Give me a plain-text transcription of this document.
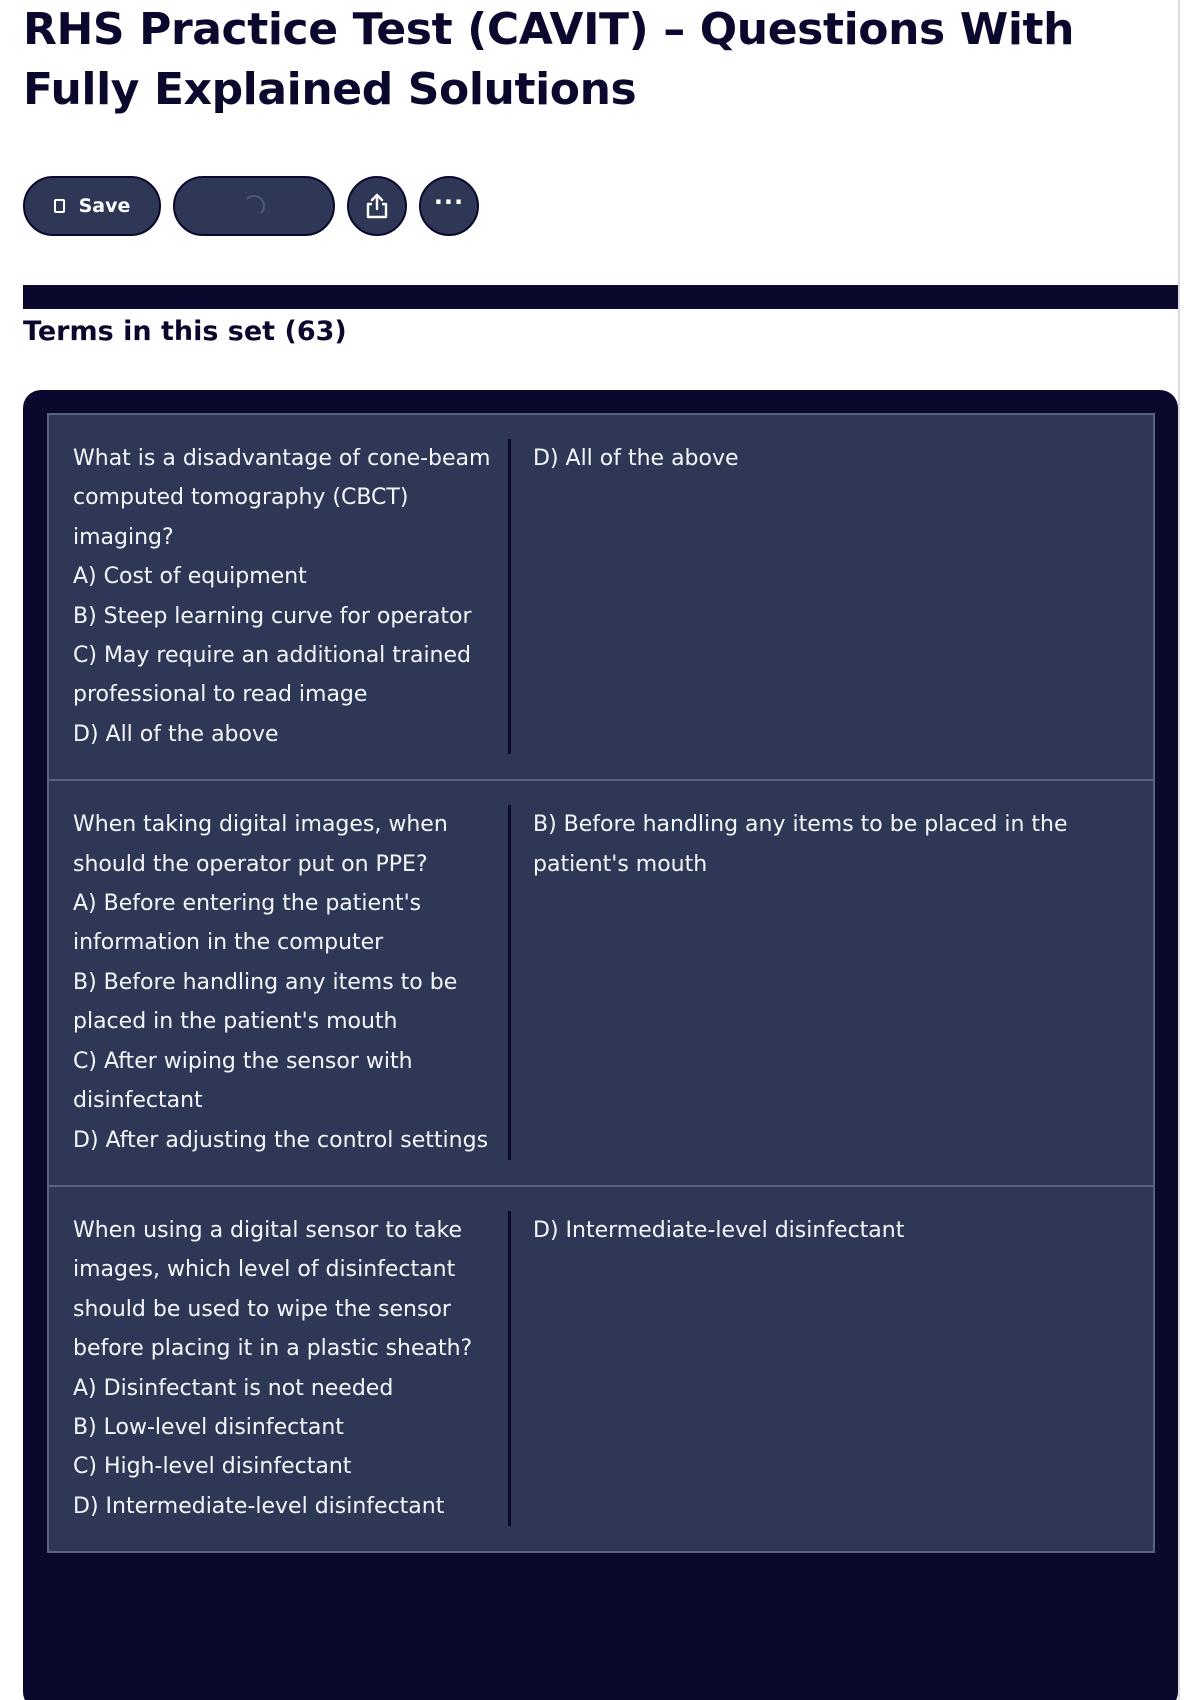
RHS Practice Test (CAVIT) – Questions With Fully Explained Solutions
Save	···
Terms in this set (63)
What is a disadvantage of cone-beam
computed tomography (CBCT)
imaging?
A) Cost of equipment
B) Steep learning curve for operator
C) May require an additional trained
professional to read image
D) All of the above
D) All of the above
When taking digital images, when
should the operator put on PPE?
A) Before entering the patient's
information in the computer
B) Before handling any items to be
placed in the patient's mouth
C) After wiping the sensor with
disinfectant
D) After adjusting the control settings
B) Before handling any items to be placed in the
patient's mouth
When using a digital sensor to take
images, which level of disinfectant
should be used to wipe the sensor
before placing it in a plastic sheath?
A) Disinfectant is not needed
B) Low-level disinfectant
C) High-level disinfectant
D) Intermediate-level disinfectant
D) Intermediate-level disinfectant
